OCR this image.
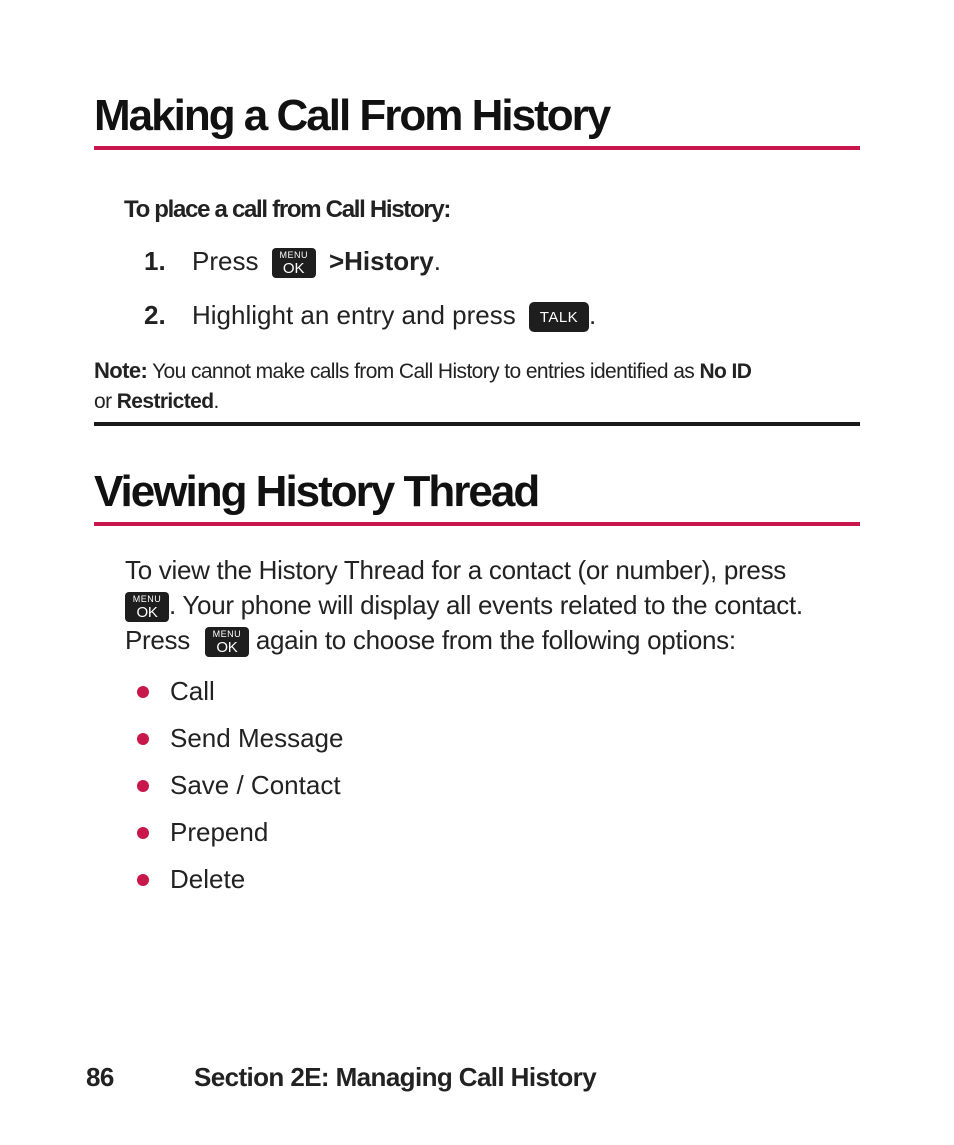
Making a Call From History
To place a call from Call History:
1. Press MENU
OK >History.
2. Highlight an entry and press TALK .
Note: You cannot make calls from Call History to entries identified as No ID
or Restricted.
Viewing History Thread
To view the History Thread for a contact (or number), press

MENU
OK . Your phone will display all events related to the contact.
Press	MENU
OK again to choose from the following options:
Call
Send Message
Save / Contact
Prepend
Delete
86	Section 2E: Managing Call History
